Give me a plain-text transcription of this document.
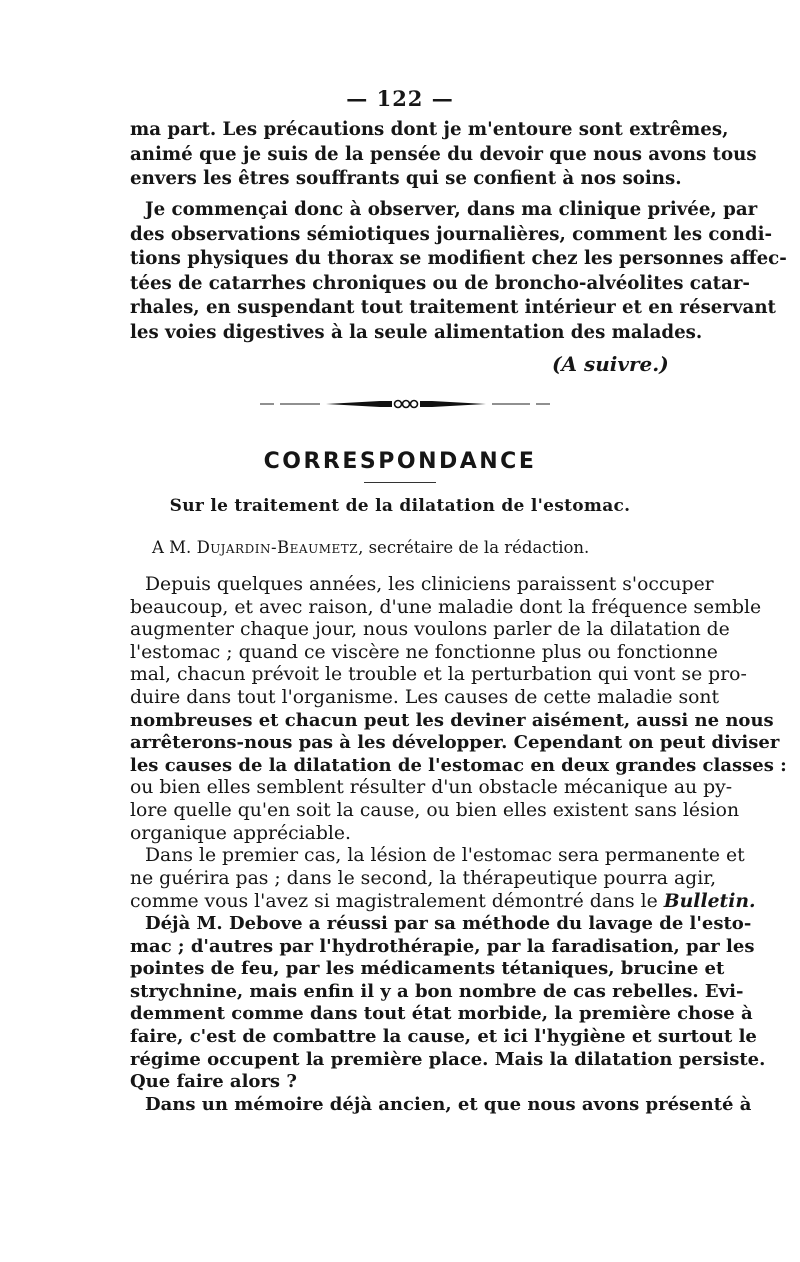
— 122 —
ma part. Les précautions dont je m'entoure sont extrêmes,
animé que je suis de la pensée du devoir que nous avons tous
envers les êtres souffrants qui se confient à nos soins.
Je commençai donc à observer, dans ma clinique privée, par
des observations sémiotiques journalières, comment les condi-
tions physiques du thorax se modifient chez les personnes affec-
tées de catarrhes chroniques ou de broncho-alvéolites catar-
rhales, en suspendant tout traitement intérieur et en réservant
les voies digestives à la seule alimentation des malades.
(A suivre.)
CORRESPONDANCE
Sur le traitement de la dilatation de l'estomac.
A M. Dujardin-Beaumetz, secrétaire de la rédaction.
Depuis quelques années, les cliniciens paraissent s'occuper
beaucoup, et avec raison, d'une maladie dont la fréquence semble
augmenter chaque jour, nous voulons parler de la dilatation de
l'estomac ; quand ce viscère ne fonctionne plus ou fonctionne
mal, chacun prévoit le trouble et la perturbation qui vont se pro-
duire dans tout l'organisme. Les causes de cette maladie sont
nombreuses et chacun peut les deviner aisément, aussi ne nous
arrêterons-nous pas à les développer. Cependant on peut diviser
les causes de la dilatation de l'estomac en deux grandes classes :
ou bien elles semblent résulter d'un obstacle mécanique au py-
lore quelle qu'en soit la cause, ou bien elles existent sans lésion
organique appréciable.
Dans le premier cas, la lésion de l'estomac sera permanente et
ne guérira pas ; dans le second, la thérapeutique pourra agir,
comme vous l'avez si magistralement démontré dans le Bulletin.
Déjà M. Debove a réussi par sa méthode du lavage de l'esto-
mac ; d'autres par l'hydrothérapie, par la faradisation, par les
pointes de feu, par les médicaments tétaniques, brucine et
strychnine, mais enfin il y a bon nombre de cas rebelles. Evi-
demment comme dans tout état morbide, la première chose à
faire, c'est de combattre la cause, et ici l'hygiène et surtout le
régime occupent la première place. Mais la dilatation persiste.
Que faire alors ?
Dans un mémoire déjà ancien, et que nous avons présenté à
